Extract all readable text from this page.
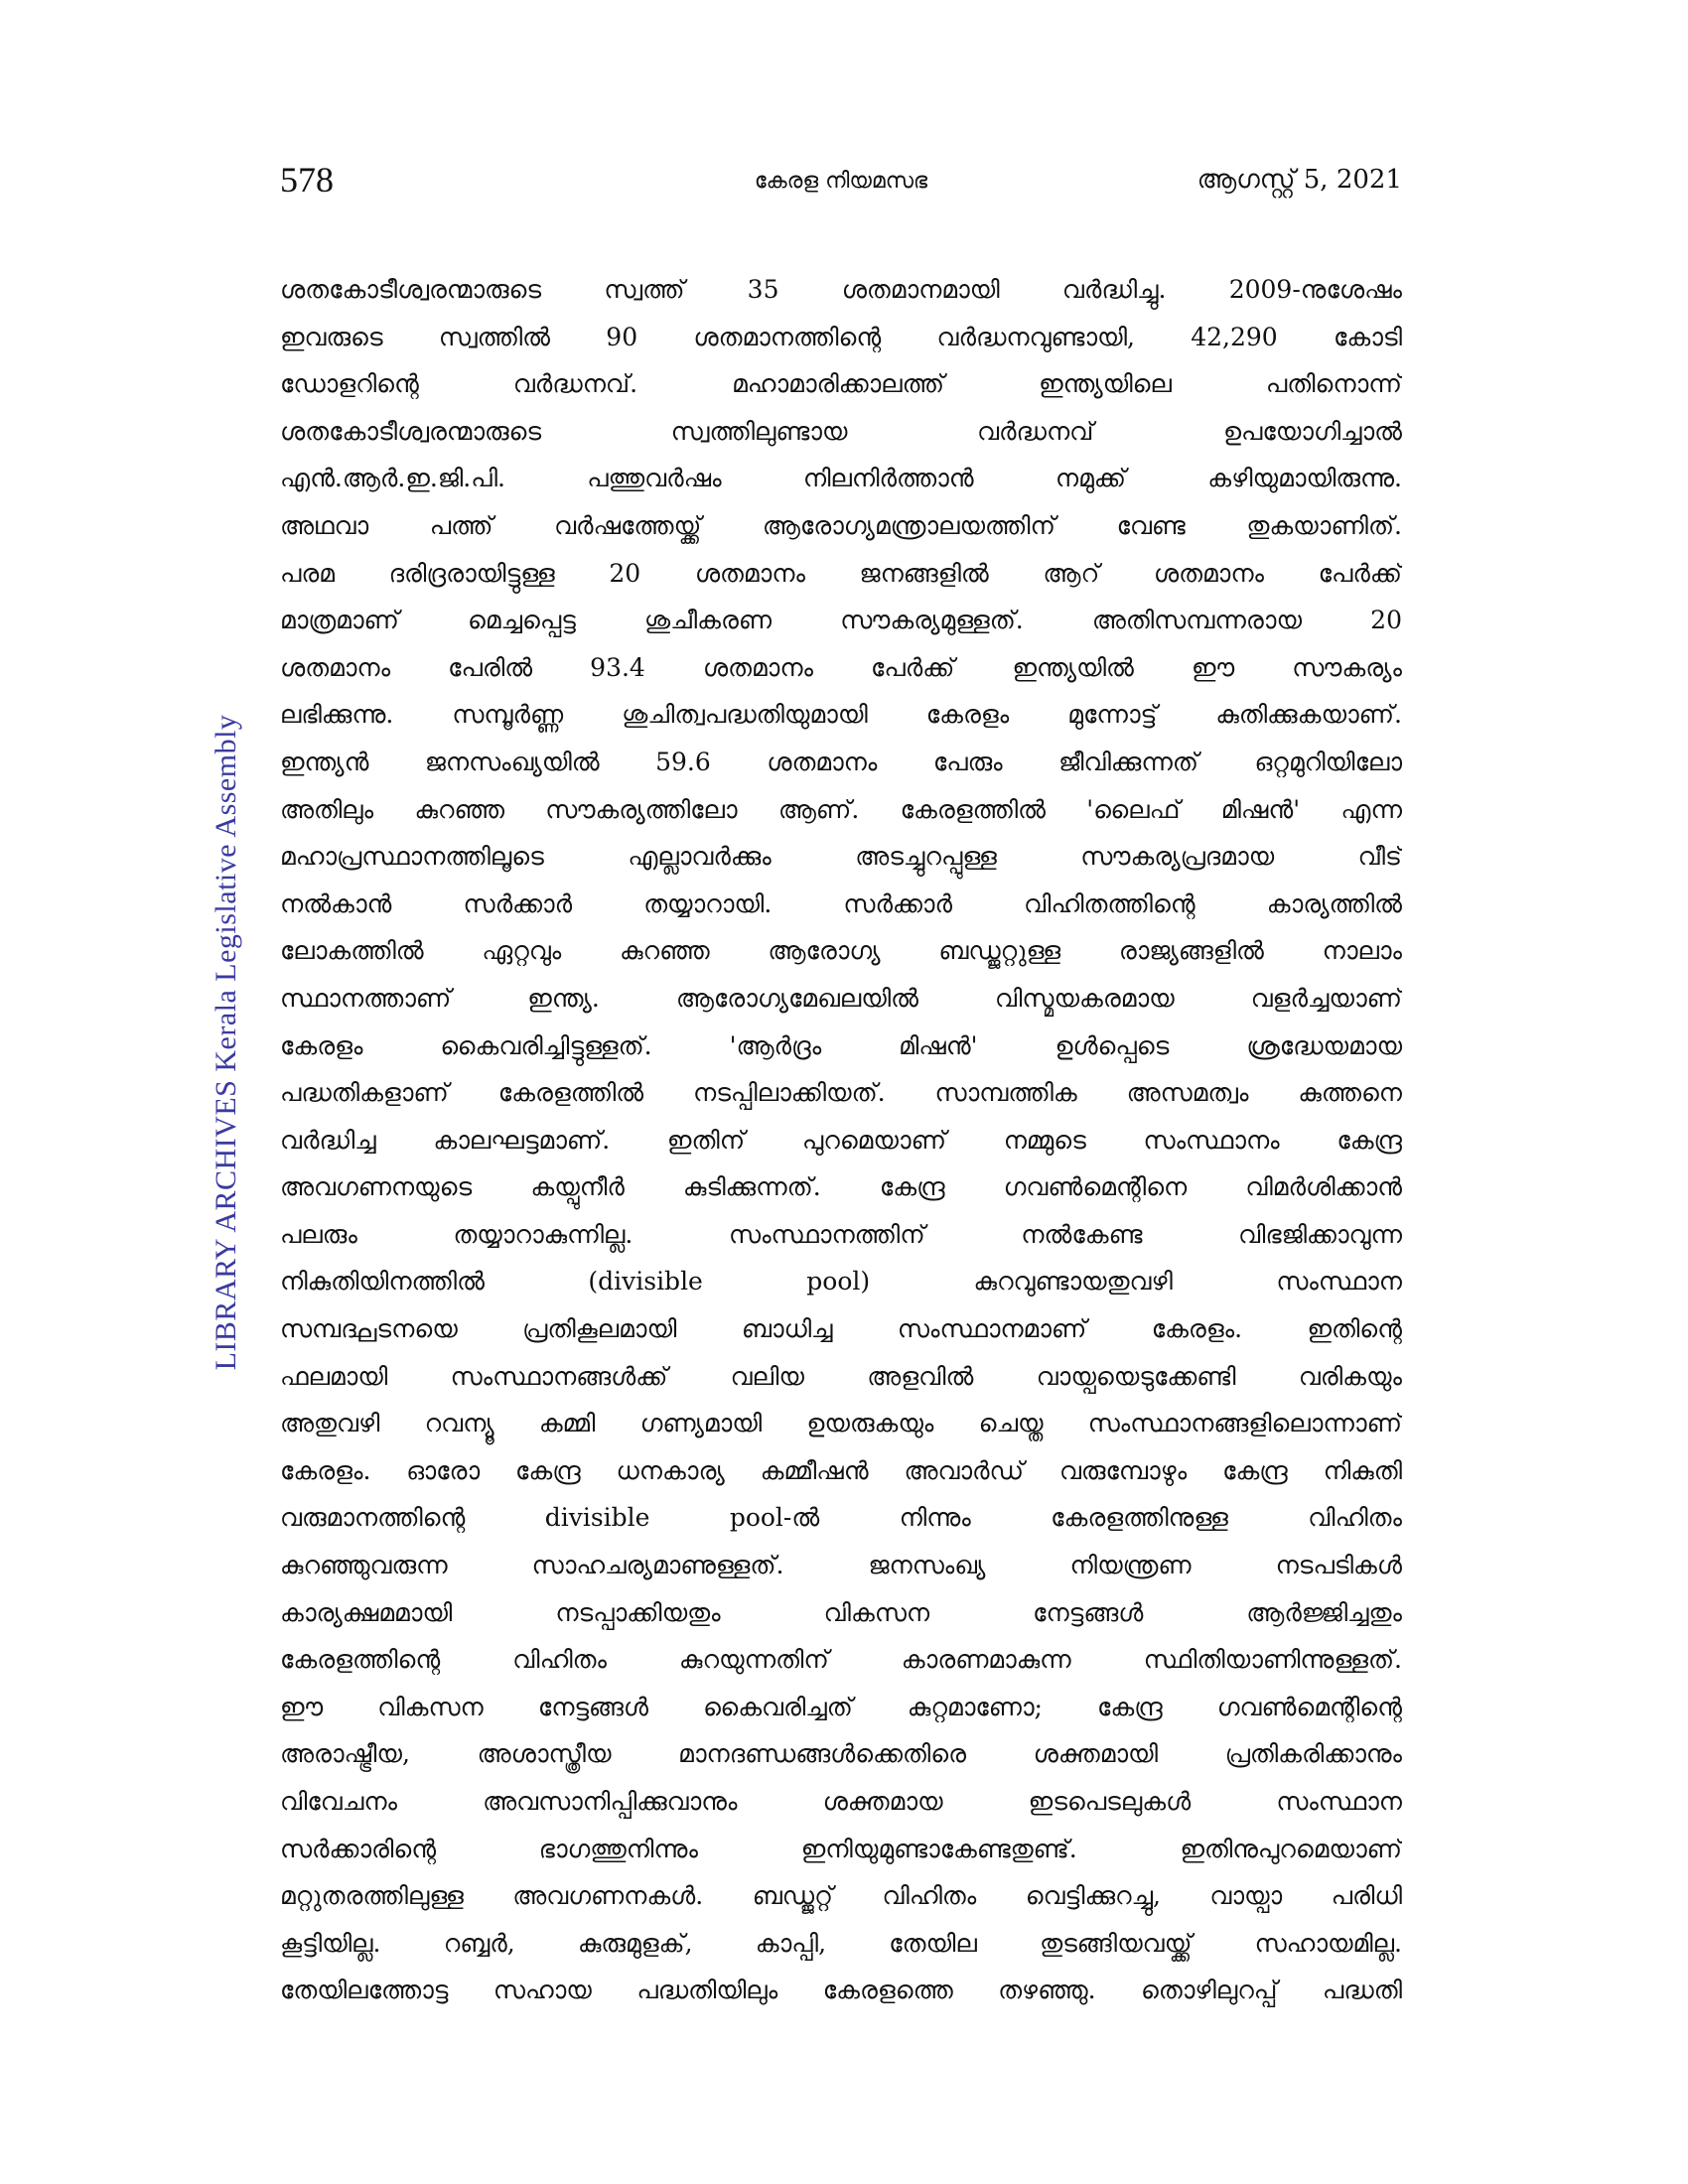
578	കേരള നിയമസഭ	ആഗസ്റ്റ് 5, 2021
LIBRARY ARCHIVES Kerala Legislative Assembly
ശതകോടീശ്വരന്മാരുടെ സ്വത്ത് 35 ശതമാനമായി വർദ്ധിച്ചു. 2009-നുശേഷം
ഇവരുടെ സ്വത്തിൽ 90 ശതമാനത്തിന്റെ വർദ്ധനവുണ്ടായി, 42,290 കോടി
ഡോളറിന്റെ വർദ്ധനവ്. മഹാമാരിക്കാലത്ത് ഇന്ത്യയിലെ പതിനൊന്ന്
ശതകോടീശ്വരന്മാരുടെ സ്വത്തിലുണ്ടായ വർദ്ധനവ് ഉപയോഗിച്ചാൽ
എൻ.ആർ.ഇ.ജി.പി. പത്തുവർഷം നിലനിർത്താൻ നമുക്ക് കഴിയുമായിരുന്നു.
അഥവാ പത്ത് വർഷത്തേയ്ക്ക് ആരോഗ്യമന്ത്രാലയത്തിന് വേണ്ട തുകയാണിത്.
പരമ ദരിദ്രരായിട്ടുള്ള 20 ശതമാനം ജനങ്ങളിൽ ആറ് ശതമാനം പേർക്ക്
മാത്രമാണ് മെച്ചപ്പെട്ട ശുചീകരണ സൗകര്യമുള്ളത്. അതിസമ്പന്നരായ 20
ശതമാനം പേരിൽ 93.4 ശതമാനം പേർക്ക് ഇന്ത്യയിൽ ഈ സൗകര്യം
ലഭിക്കുന്നു. സമ്പൂർണ്ണ ശുചിത്വപദ്ധതിയുമായി കേരളം മുന്നോട്ട് കുതിക്കുകയാണ്.
ഇന്ത്യൻ ജനസംഖ്യയിൽ 59.6 ശതമാനം പേരും ജീവിക്കുന്നത് ഒറ്റമുറിയിലോ
അതിലും കുറഞ്ഞ സൗകര്യത്തിലോ ആണ്. കേരളത്തിൽ 'ലൈഫ് മിഷൻ' എന്ന
മഹാപ്രസ്ഥാനത്തിലൂടെ എല്ലാവർക്കും അടച്ചുറപ്പുള്ള സൗകര്യപ്രദമായ വീട്
നൽകാൻ സർക്കാർ തയ്യാറായി. സർക്കാർ വിഹിതത്തിന്റെ കാര്യത്തിൽ
ലോകത്തിൽ ഏറ്റവും കുറഞ്ഞ ആരോഗ്യ ബഡ്ജറ്റുള്ള രാജ്യങ്ങളിൽ നാലാം
സ്ഥാനത്താണ് ഇന്ത്യ. ആരോഗ്യമേഖലയിൽ വിസ്മയകരമായ വളർച്ചയാണ്
കേരളം കൈവരിച്ചിട്ടുള്ളത്. 'ആർദ്രം മിഷൻ' ഉൾപ്പെടെ ശ്രദ്ധേയമായ
പദ്ധതികളാണ് കേരളത്തിൽ നടപ്പിലാക്കിയത്. സാമ്പത്തിക അസമത്വം കുത്തനെ
വർദ്ധിച്ച കാലഘട്ടമാണ്. ഇതിന് പുറമെയാണ് നമ്മുടെ സംസ്ഥാനം കേന്ദ്ര
അവഗണനയുടെ കയ്പുനീർ കുടിക്കുന്നത്. കേന്ദ്ര ഗവൺമെന്റിനെ വിമർശിക്കാൻ
പലരും തയ്യാറാകുന്നില്ല. സംസ്ഥാനത്തിന് നൽകേണ്ട വിഭജിക്കാവുന്ന
നികുതിയിനത്തിൽ (divisible pool) കുറവുണ്ടായതുവഴി സംസ്ഥാന
സമ്പദ്ഘടനയെ പ്രതികൂലമായി ബാധിച്ച സംസ്ഥാനമാണ് കേരളം. ഇതിന്റെ
ഫലമായി സംസ്ഥാനങ്ങൾക്ക് വലിയ അളവിൽ വായ്പയെടുക്കേണ്ടി വരികയും
അതുവഴി റവന്യൂ കമ്മി ഗണ്യമായി ഉയരുകയും ചെയ്ത സംസ്ഥാനങ്ങളിലൊന്നാണ്
കേരളം. ഓരോ കേന്ദ്ര ധനകാര്യ കമ്മീഷൻ അവാർഡ് വരുമ്പോഴും കേന്ദ്ര നികുതി
വരുമാനത്തിന്റെ divisible pool-ൽ നിന്നും കേരളത്തിനുള്ള വിഹിതം
കുറഞ്ഞുവരുന്ന സാഹചര്യമാണുള്ളത്. ജനസംഖ്യ നിയന്ത്രണ നടപടികൾ
കാര്യക്ഷമമായി നടപ്പാക്കിയതും വികസന നേട്ടങ്ങൾ ആർജ്ജിച്ചതും
കേരളത്തിന്റെ വിഹിതം കുറയുന്നതിന് കാരണമാകുന്ന സ്ഥിതിയാണിന്നുള്ളത്.
ഈ വികസന നേട്ടങ്ങൾ കൈവരിച്ചത് കുറ്റമാണോ; കേന്ദ്ര ഗവൺമെന്റിന്റെ
അരാഷ്ട്രീയ, അശാസ്ത്രീയ മാനദണ്ഡങ്ങൾക്കെതിരെ ശക്തമായി പ്രതികരിക്കാനും
വിവേചനം അവസാനിപ്പിക്കുവാനും ശക്തമായ ഇടപെടലുകൾ സംസ്ഥാന
സർക്കാരിന്റെ ഭാഗത്തുനിന്നും ഇനിയുമുണ്ടാകേണ്ടതുണ്ട്. ഇതിനുപുറമെയാണ്
മറ്റുതരത്തിലുള്ള അവഗണനകൾ. ബഡ്ജറ്റ് വിഹിതം വെട്ടിക്കുറച്ചു, വായ്പാ പരിധി
കൂട്ടിയില്ല. റബ്ബർ, കുരുമുളക്, കാപ്പി, തേയില തുടങ്ങിയവയ്ക്ക് സഹായമില്ല.
തേയിലത്തോട്ട സഹായ പദ്ധതിയിലും കേരളത്തെ തഴഞ്ഞു. തൊഴിലുറപ്പ് പദ്ധതി
